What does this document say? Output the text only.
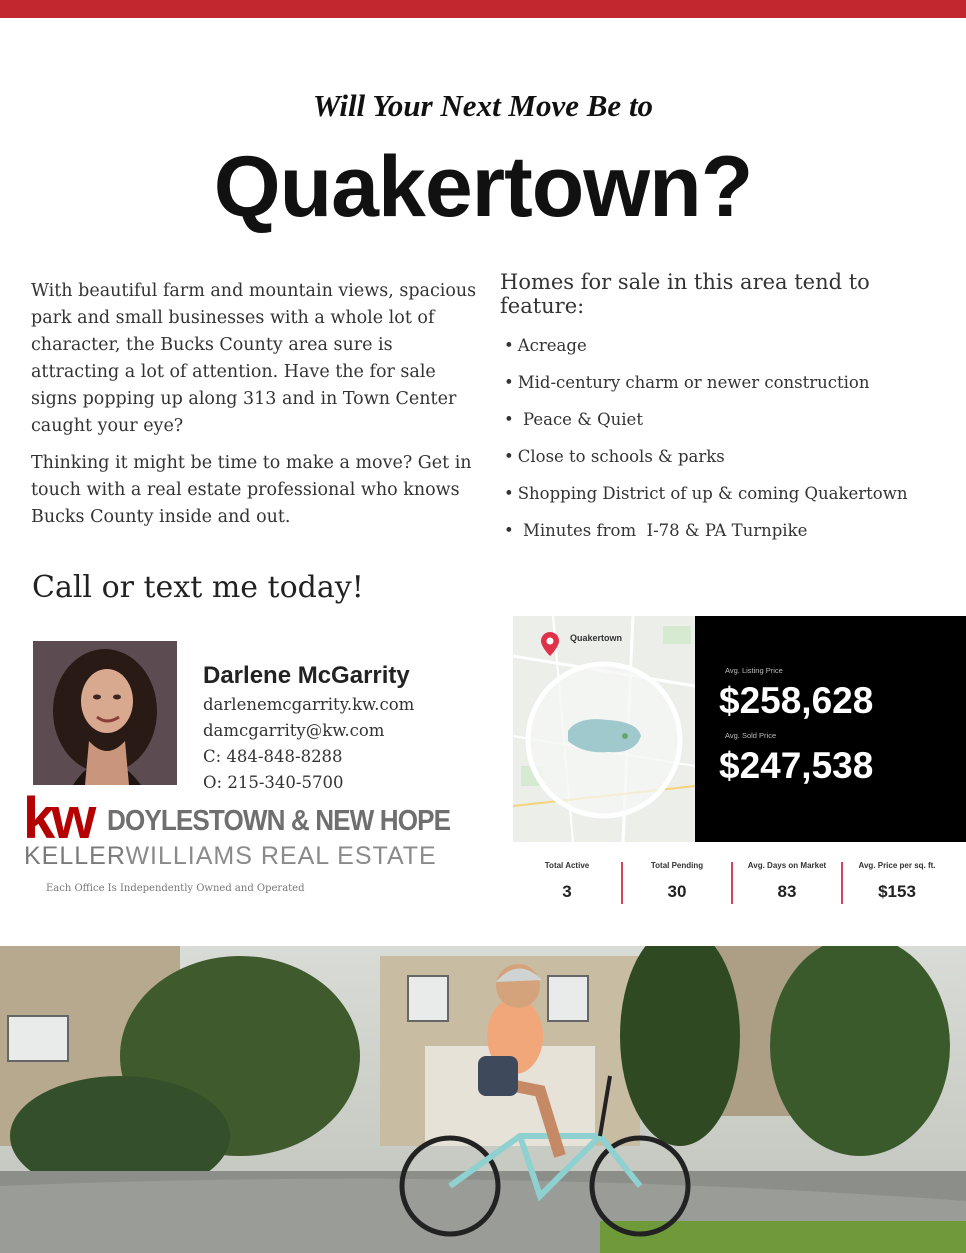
Will Your Next Move Be to
Quakertown?

With beautiful farm and mountain views, spacious park and small businesses with a whole lot of character, the Bucks County area sure is attracting a lot of attention. Have the for sale signs popping up along 313 and in Town Center caught your eye?

Thinking it might be time to make a move? Get in touch with a real estate professional who knows Bucks County inside and out.

Homes for sale in this area tend to feature:
• Acreage
• Mid-century charm or newer construction
•  Peace & Quiet
• Close to schools & parks
• Shopping District of up & coming Quakertown
•  Minutes from  I-78 & PA Turnpike
Call or text me today!
Darlene McGarrity
darlenemcgarrity.kw.com
damcgarrity@kw.com
C: 484-848-8288
O: 215-340-5700
kw DOYLESTOWN & NEW HOPE
KELLERWILLIAMS REAL ESTATE
Each Office Is Independently Owned and Operated
Quakertown
Avg. Listing Price
$258,628
Avg. Sold Price
$247,538
Total Active
3
Total Pending
30
Avg. Days on Market
83
Avg. Price per sq. ft.
$153
